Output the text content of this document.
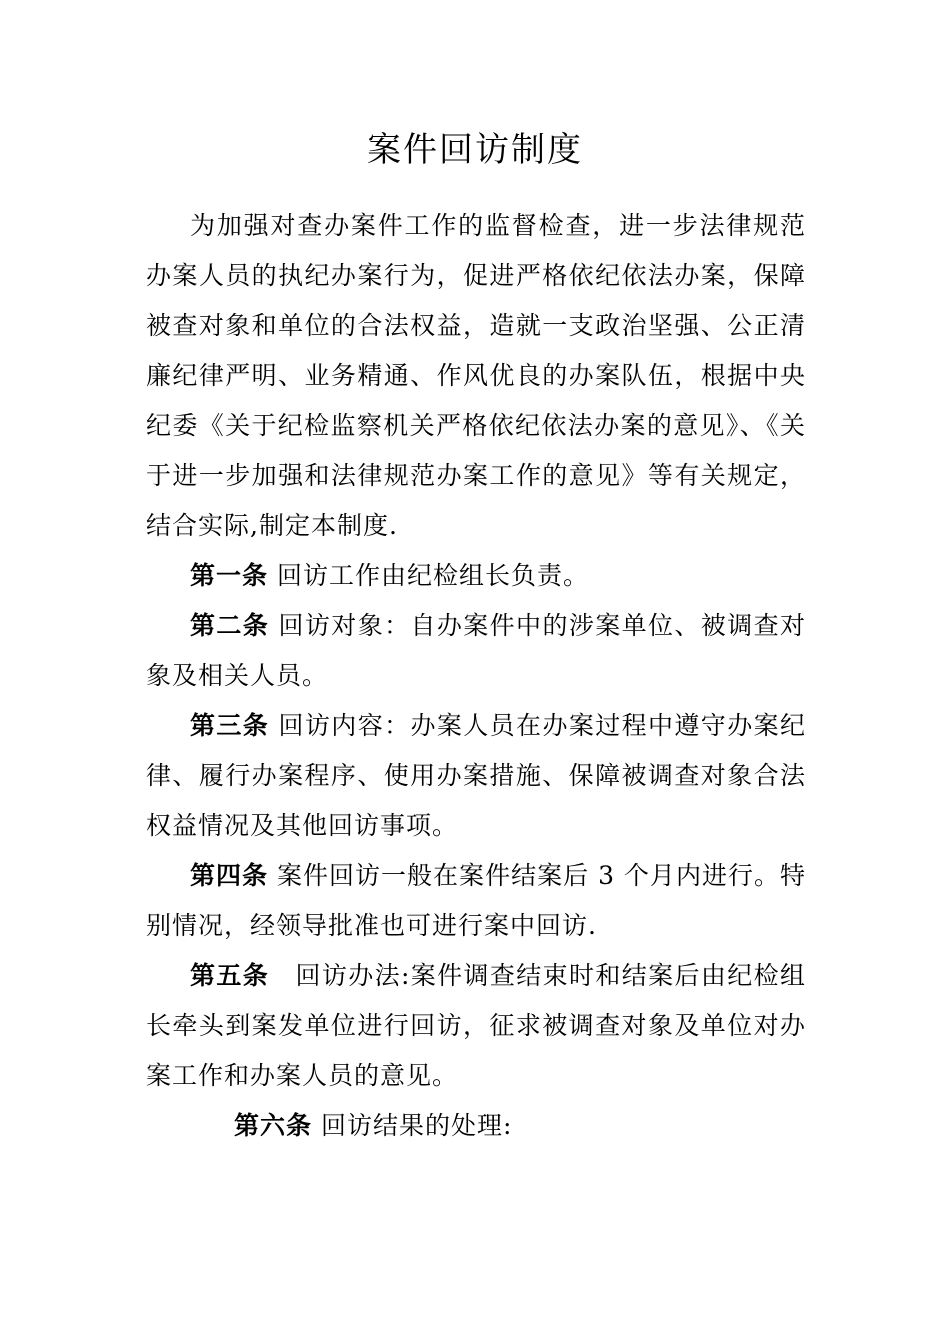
案件回访制度

为加强对查办案件工作的监督检查，进一步法律规范办案人员的执纪办案行为，促进严格依纪依法办案，保障被查对象和单位的合法权益，造就一支政治坚强、公正清廉纪律严明、业务精通、作风优良的办案队伍，根据中央纪委《关于纪检监察机关严格依纪依法办案的意见》、《关于进一步加强和法律规范办案工作的意见》等有关规定，结合实际,制定本制度.

第一条 回访工作由纪检组长负责。

第二条 回访对象：自办案件中的涉案单位、被调查对象及相关人员。

第三条 回访内容：办案人员在办案过程中遵守办案纪律、履行办案程序、使用办案措施、保障被调查对象合法权益情况及其他回访事项。

第四条 案件回访一般在案件结案后 3 个月内进行。特别情况，经领导批准也可进行案中回访.

第五条　回访办法:案件调查结束时和结案后由纪检组长牵头到案发单位进行回访，征求被调查对象及单位对办案工作和办案人员的意见。

第六条 回访结果的处理:
